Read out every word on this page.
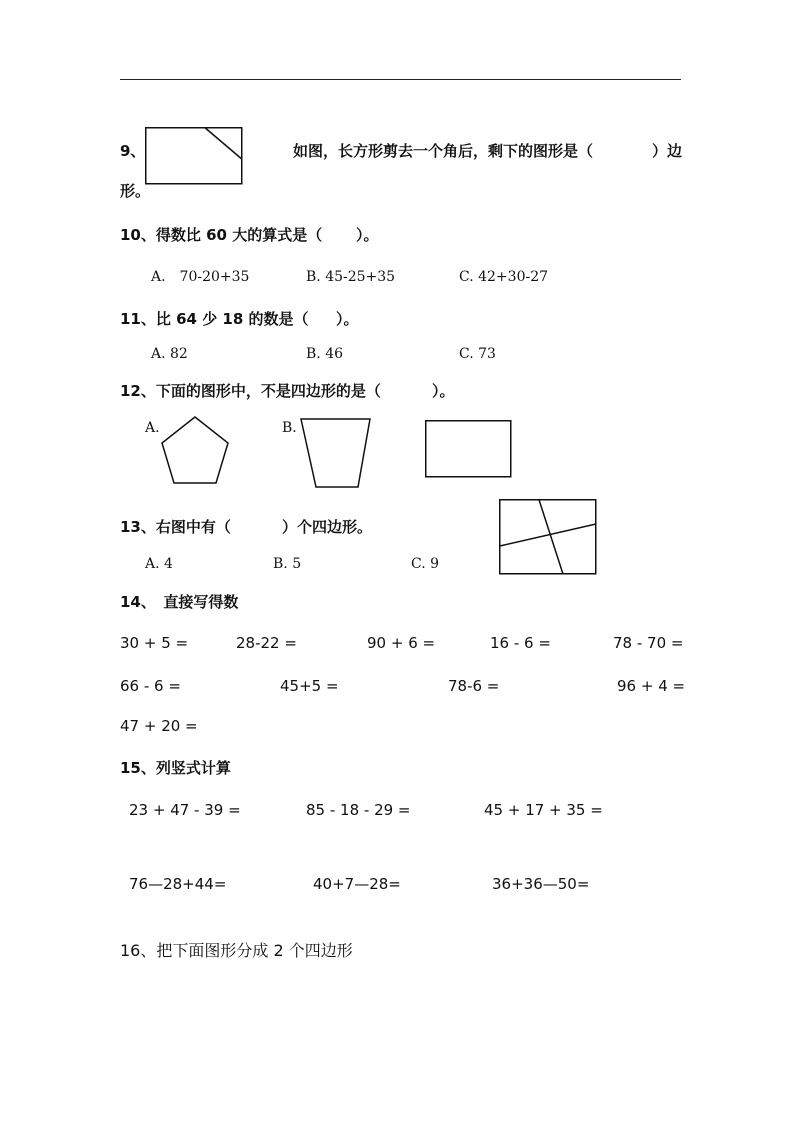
9、	如图，长方形剪去一个角后，剩下的图形是（	）边
形。
10、得数比 60 大的算式是（ ）。
A． 70-20+35	B. 45-25+35	C. 42+30-27
11、比 64 少 18 的数是（ ）。
A. 82	B. 46	C. 73
12、下面的图形中，不是四边形的是（	）。
A.	B.
13、右图中有（	）个四边形。
A. 4	B. 5	C. 9
14、　直接写得数
30 + 5 =	28-22 =	90 + 6 =	16 - 6 =	78 - 70 =
66 - 6 =	45+5 =	78-6 =	96 + 4 =
47 + 20 =
15、列竖式计算
23 + 47 - 39 =	85 - 18 - 29 =	45 + 17 + 35 =
76—28+44=	40+7—28=	36+36—50=
16、把下面图形分成 2 个四边形
